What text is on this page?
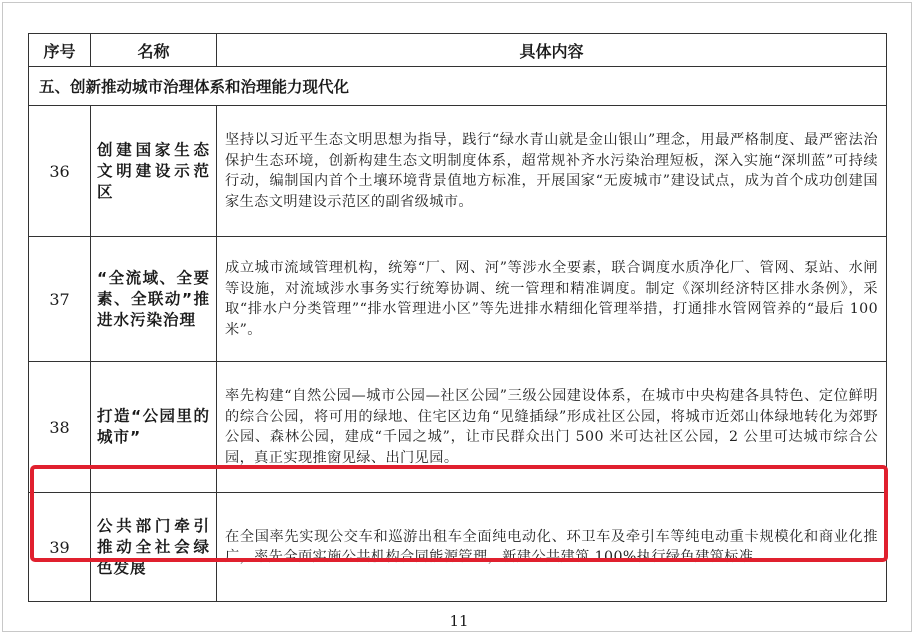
序号	名称	具体内容
五、创新推动城市治理体系和治理能力现代化		
36	创建国家生态文明建设示范区	坚持以习近平生态文明思想为指导，践行“绿水青山就是金山银山”理念，用最严格制度、最严密法治保护生态环境，创新构建生态文明制度体系，超常规补齐水污染治理短板，深入实施“深圳蓝”可持续行动，编制国内首个土壤环境背景值地方标准，开展国家“无废城市”建设试点，成为首个成功创建国家生态文明建设示范区的副省级城市。
37	“全流域、全要素、全联动”推进水污染治理	成立城市流域管理机构，统筹“厂、网、河”等涉水全要素，联合调度水质净化厂、管网、泵站、水闸等设施，对流域涉水事务实行统筹协调、统一管理和精准调度。制定《深圳经济特区排水条例》，采取“排水户分类管理”“排水管理进小区”等先进排水精细化管理举措，打通排水管网管养的“最后 100 米”。
38	打造“公园里的城市”	率先构建“自然公园—城市公园—社区公园”三级公园建设体系，在城市中央构建各具特色、定位鲜明的综合公园，将可用的绿地、住宅区边角“见缝插绿”形成社区公园，将城市近郊山体绿地转化为郊野公园、森林公园，建成“千园之城”，让市民群众出门 500 米可达社区公园，2 公里可达城市综合公园，真正实现推窗见绿、出门见园。
39	公共部门牵引推动全社会绿色发展	在全国率先实现公交车和巡游出租车全面纯电动化、环卫车及牵引车等纯电动重卡规模化和商业化推广，率先全面实施公共机构合同能源管理，新建公共建筑 100%执行绿色建筑标准。
11
